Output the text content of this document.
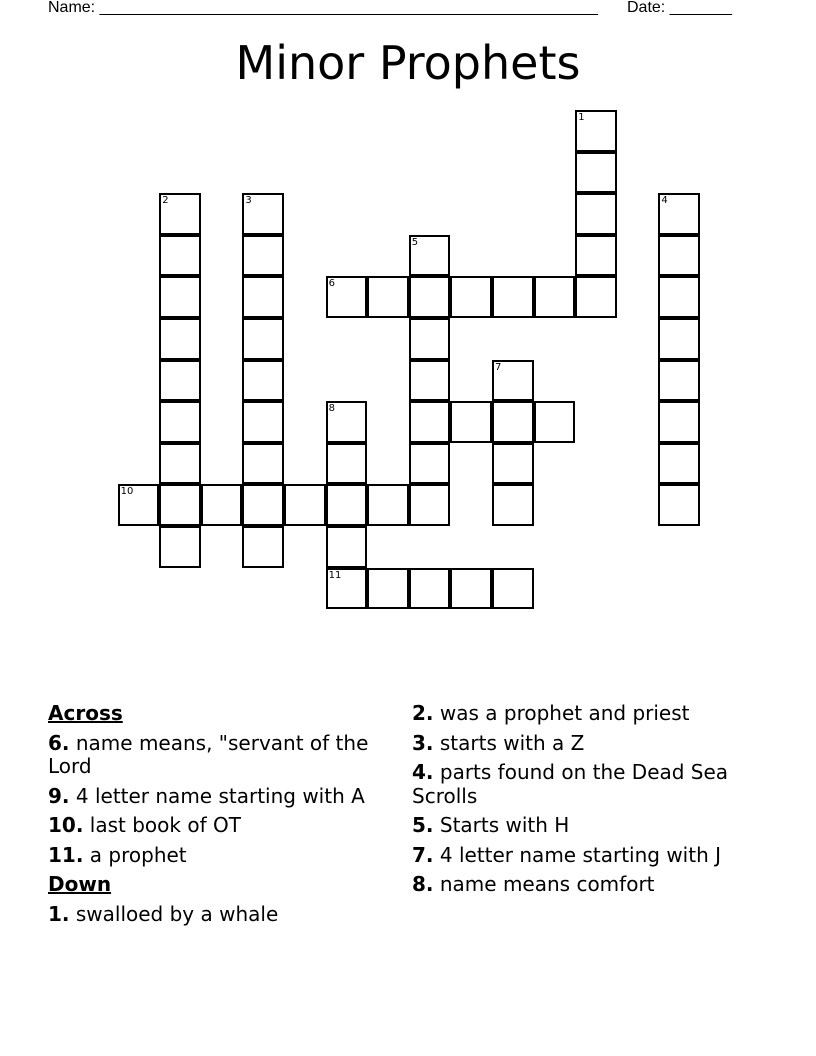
Name: ________________________________________________________ Date: _______
Minor Prophets
1
2	3	4
5
6
7
8
10
11
Across
6. name means, "servant of the Lord
9. 4 letter name starting with A
10. last book of OT
11. a prophet
Down
1. swalloed by a whale
2. was a prophet and priest
3. starts with a Z
4. parts found on the Dead Sea Scrolls
5. Starts with H
7. 4 letter name starting with J
8. name means comfort
